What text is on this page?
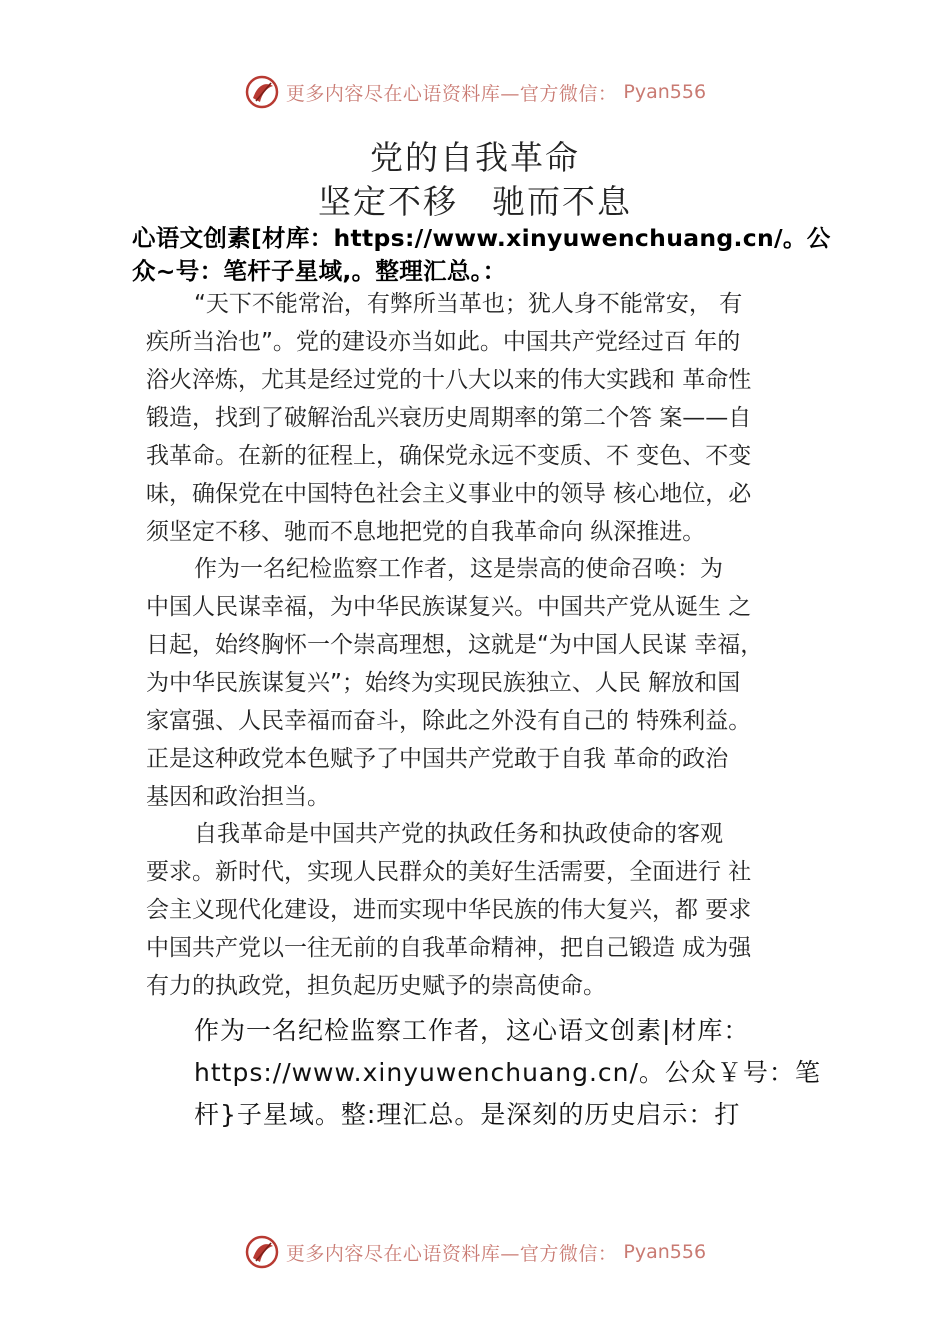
更多内容尽在心语资料库—官方微信： Pyan556
党的自我革命
坚定不移 驰而不息
心语文创素[材库：https://www.xinyuwenchuang.cn/。公
众~号：笔杆子星域,。整理汇总。：
“天下不能常治，有弊所当革也；犹人身不能常安， 有
疾所当治也”。党的建设亦当如此。中国共产党经过百 年的
浴火淬炼，尤其是经过党的十八大以来的伟大实践和 革命性
锻造，找到了破解治乱兴衰历史周期率的第二个答 案——自
我革命。在新的征程上，确保党永远不变质、不 变色、不变
味，确保党在中国特色社会主义事业中的领导 核心地位，必
须坚定不移、驰而不息地把党的自我革命向 纵深推进。
作为一名纪检监察工作者，这是崇高的使命召唤：为
中国人民谋幸福，为中华民族谋复兴。中国共产党从诞生 之
日起，始终胸怀一个崇高理想，这就是“为中国人民谋 幸福，
为中华民族谋复兴”；始终为实现民族独立、人民 解放和国
家富强、人民幸福而奋斗，除此之外没有自己的 特殊利益。
正是这种政党本色赋予了中国共产党敢于自我 革命的政治
基因和政治担当。
自我革命是中国共产党的执政任务和执政使命的客观
要求。新时代，实现人民群众的美好生活需要，全面进行 社
会主义现代化建设，进而实现中华民族的伟大复兴，都 要求
中国共产党以一往无前的自我革命精神，把自己锻造 成为强
有力的执政党，担负起历史赋予的崇高使命。
作为一名纪检监察工作者，这心语文创素|材库：
https://www.xinyuwenchuang.cn/。公众￥号：笔
杆}子星域。整:理汇总。是深刻的历史启示：打
更多内容尽在心语资料库—官方微信： Pyan556
